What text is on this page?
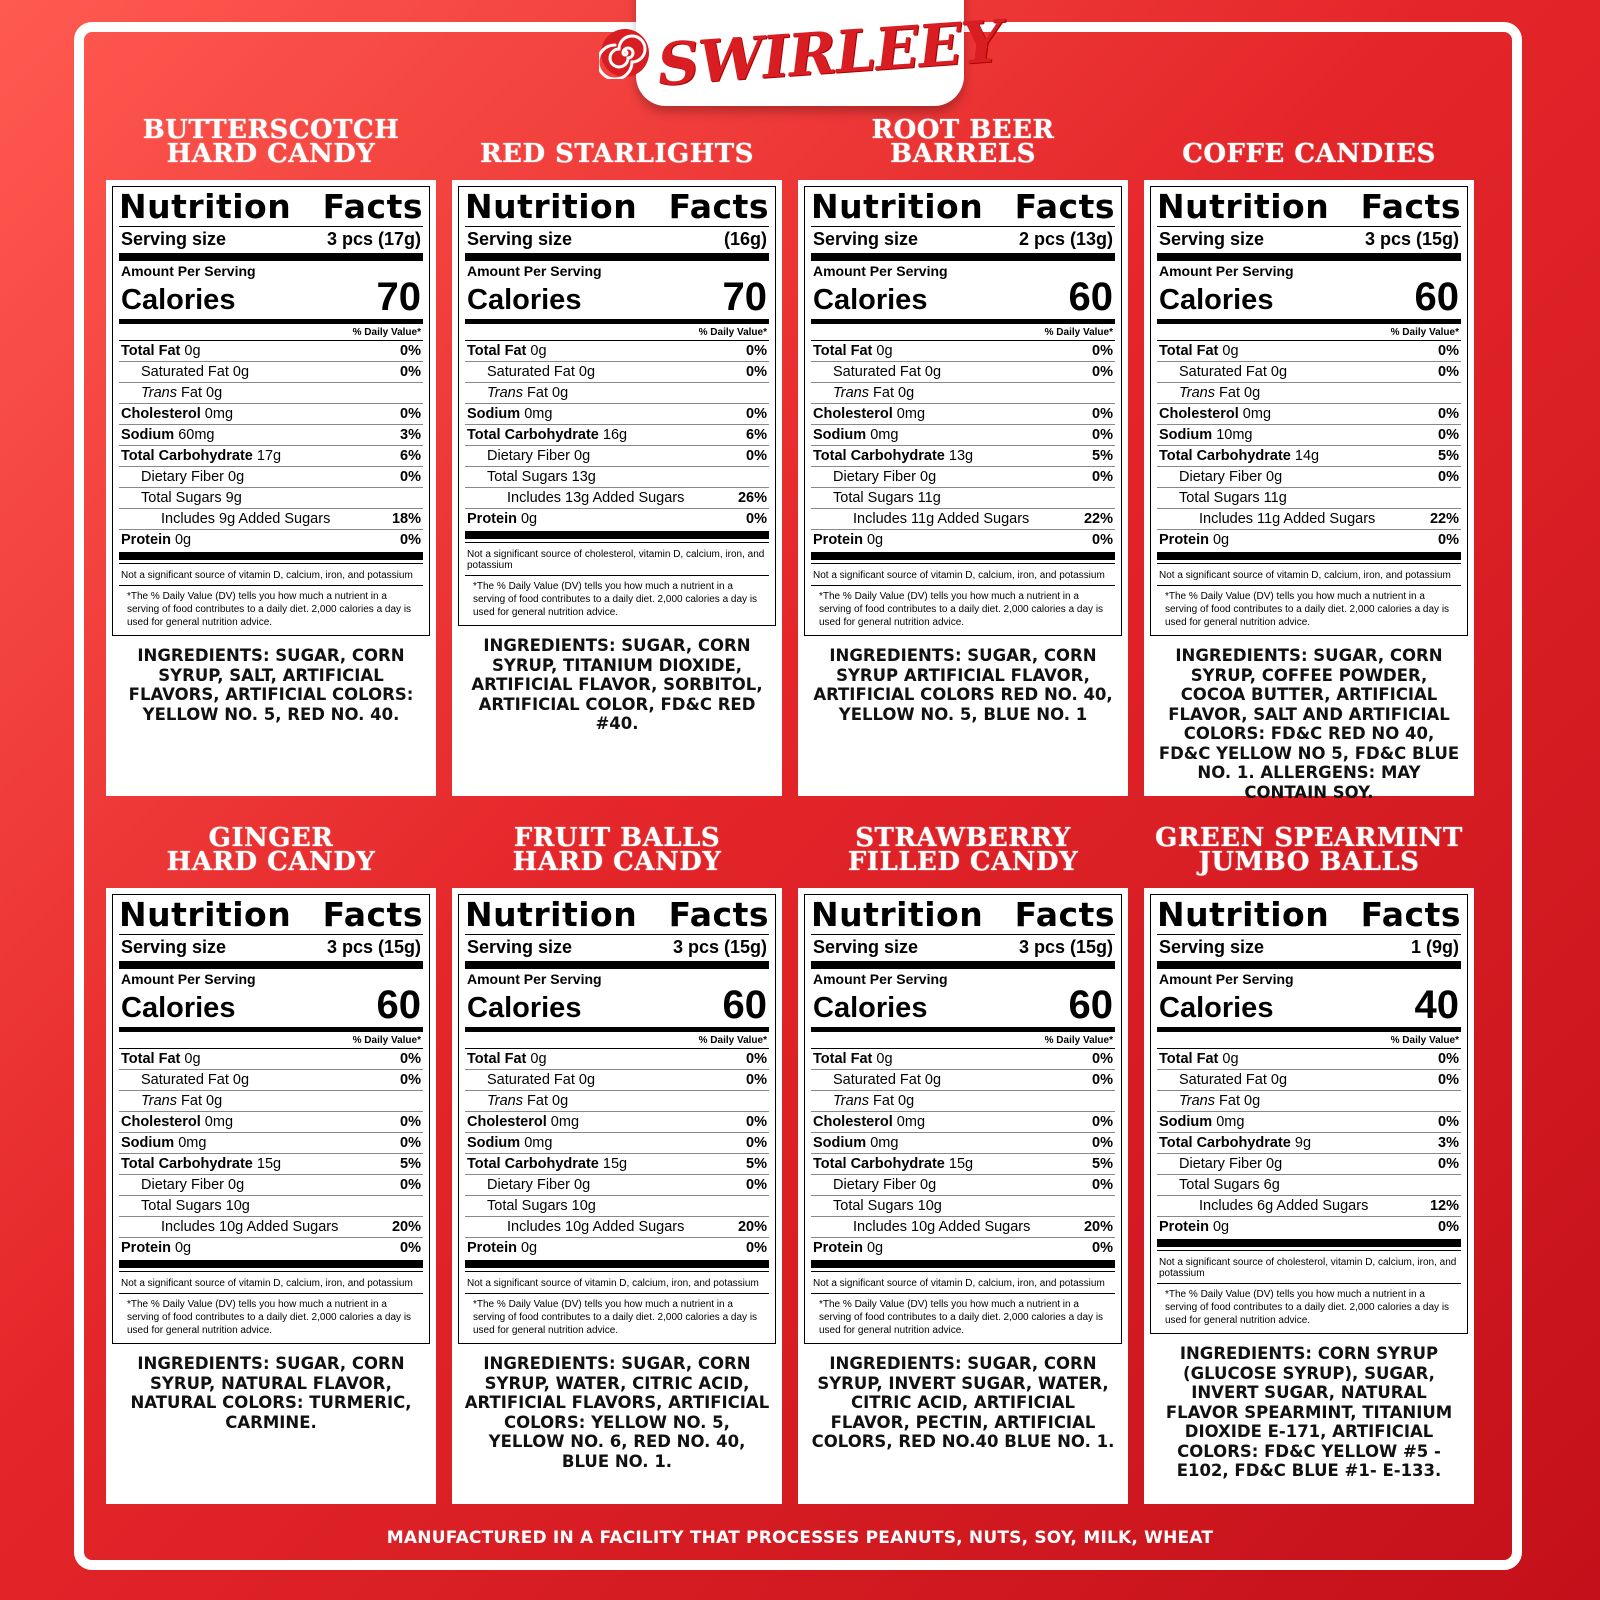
SWIRLEEY
MANUFACTURED IN A FACILITY THAT PROCESSES PEANUTS, NUTS, SOY, MILK, WHEAT
BUTTERSCOTCH
HARD CANDY
Nutrition Facts
Serving size	3 pcs (17g)
Amount Per Serving
Calories	70
% Daily Value*
Total Fat 0g	0%
Saturated Fat 0g	0%
Trans Fat 0g
Cholesterol 0mg	0%
Sodium 60mg	3%
Total Carbohydrate 17g	6%
Dietary Fiber 0g	0%
Total Sugars 9g
Includes 9g Added Sugars	18%
Protein 0g	0%
Not a significant source of vitamin D, calcium, iron, and potassium
*The % Daily Value (DV) tells you how much a nutrient in a serving of food contributes to a daily diet. 2,000 calories a day is used for general nutrition advice.
INGREDIENTS: SUGAR, CORN SYRUP, SALT, ARTIFICIAL FLAVORS, ARTIFICIAL COLORS: YELLOW NO. 5, RED NO. 40.
RED STARLIGHTS
Nutrition Facts
Serving size	(16g)
Amount Per Serving
Calories	70
% Daily Value*
Total Fat 0g	0%
Saturated Fat 0g	0%
Trans Fat 0g
Sodium 0mg	0%
Total Carbohydrate 16g	6%
Dietary Fiber 0g	0%
Total Sugars 13g
Includes 13g Added Sugars	26%
Protein 0g	0%
Not a significant source of cholesterol, vitamin D, calcium, iron, and potassium
*The % Daily Value (DV) tells you how much a nutrient in a serving of food contributes to a daily diet. 2,000 calories a day is used for general nutrition advice.
INGREDIENTS: SUGAR, CORN SYRUP, TITANIUM DIOXIDE, ARTIFICIAL FLAVOR, SORBITOL, ARTIFICIAL COLOR, FD&C RED #40.
ROOT BEER
BARRELS
Nutrition Facts
Serving size	2 pcs (13g)
Amount Per Serving
Calories	60
% Daily Value*
Total Fat 0g	0%
Saturated Fat 0g	0%
Trans Fat 0g
Cholesterol 0mg	0%
Sodium 0mg	0%
Total Carbohydrate 13g	5%
Dietary Fiber 0g	0%
Total Sugars 11g
Includes 11g Added Sugars	22%
Protein 0g	0%
Not a significant source of vitamin D, calcium, iron, and potassium
*The % Daily Value (DV) tells you how much a nutrient in a serving of food contributes to a daily diet. 2,000 calories a day is used for general nutrition advice.
INGREDIENTS: SUGAR, CORN SYRUP ARTIFICIAL FLAVOR, ARTIFICIAL COLORS RED NO. 40, YELLOW NO. 5, BLUE NO. 1
COFFE CANDIES
Nutrition Facts
Serving size	3 pcs (15g)
Amount Per Serving
Calories	60
% Daily Value*
Total Fat 0g	0%
Saturated Fat 0g	0%
Trans Fat 0g
Cholesterol 0mg	0%
Sodium 10mg	0%
Total Carbohydrate 14g	5%
Dietary Fiber 0g	0%
Total Sugars 11g
Includes 11g Added Sugars	22%
Protein 0g	0%
Not a significant source of vitamin D, calcium, iron, and potassium
*The % Daily Value (DV) tells you how much a nutrient in a serving of food contributes to a daily diet. 2,000 calories a day is used for general nutrition advice.
INGREDIENTS: SUGAR, CORN SYRUP, COFFEE POWDER, COCOA BUTTER, ARTIFICIAL FLAVOR, SALT AND ARTIFICIAL COLORS: FD&C RED NO 40, FD&C YELLOW NO 5, FD&C BLUE NO. 1. ALLERGENS: MAY CONTAIN SOY.
GINGER
HARD CANDY
Nutrition Facts
Serving size	3 pcs (15g)
Amount Per Serving
Calories	60
% Daily Value*
Total Fat 0g	0%
Saturated Fat 0g	0%
Trans Fat 0g
Cholesterol 0mg	0%
Sodium 0mg	0%
Total Carbohydrate 15g	5%
Dietary Fiber 0g	0%
Total Sugars 10g
Includes 10g Added Sugars	20%
Protein 0g	0%
Not a significant source of vitamin D, calcium, iron, and potassium
*The % Daily Value (DV) tells you how much a nutrient in a serving of food contributes to a daily diet. 2,000 calories a day is used for general nutrition advice.
INGREDIENTS: SUGAR, CORN SYRUP, NATURAL FLAVOR, NATURAL COLORS: TURMERIC, CARMINE.
FRUIT BALLS
HARD CANDY
Nutrition Facts
Serving size	3 pcs (15g)
Amount Per Serving
Calories	60
% Daily Value*
Total Fat 0g	0%
Saturated Fat 0g	0%
Trans Fat 0g
Cholesterol 0mg	0%
Sodium 0mg	0%
Total Carbohydrate 15g	5%
Dietary Fiber 0g	0%
Total Sugars 10g
Includes 10g Added Sugars	20%
Protein 0g	0%
Not a significant source of vitamin D, calcium, iron, and potassium
*The % Daily Value (DV) tells you how much a nutrient in a serving of food contributes to a daily diet. 2,000 calories a day is used for general nutrition advice.
INGREDIENTS: SUGAR, CORN SYRUP, WATER, CITRIC ACID, ARTIFICIAL FLAVORS, ARTIFICIAL COLORS: YELLOW NO. 5, YELLOW NO. 6, RED NO. 40, BLUE NO. 1.
STRAWBERRY
FILLED CANDY
Nutrition Facts
Serving size	3 pcs (15g)
Amount Per Serving
Calories	60
% Daily Value*
Total Fat 0g	0%
Saturated Fat 0g	0%
Trans Fat 0g
Cholesterol 0mg	0%
Sodium 0mg	0%
Total Carbohydrate 15g	5%
Dietary Fiber 0g	0%
Total Sugars 10g
Includes 10g Added Sugars	20%
Protein 0g	0%
Not a significant source of vitamin D, calcium, iron, and potassium
*The % Daily Value (DV) tells you how much a nutrient in a serving of food contributes to a daily diet. 2,000 calories a day is used for general nutrition advice.
INGREDIENTS: SUGAR, CORN SYRUP, INVERT SUGAR, WATER, CITRIC ACID, ARTIFICIAL FLAVOR, PECTIN, ARTIFICIAL COLORS, RED NO.40 BLUE NO. 1.
GREEN SPEARMINT
JUMBO BALLS
Nutrition Facts
Serving size	1 (9g)
Amount Per Serving
Calories	40
% Daily Value*
Total Fat 0g	0%
Saturated Fat 0g	0%
Trans Fat 0g
Sodium 0mg	0%
Total Carbohydrate 9g	3%
Dietary Fiber 0g	0%
Total Sugars 6g
Includes 6g Added Sugars	12%
Protein 0g	0%
Not a significant source of cholesterol, vitamin D, calcium, iron, and potassium
*The % Daily Value (DV) tells you how much a nutrient in a serving of food contributes to a daily diet. 2,000 calories a day is used for general nutrition advice.
INGREDIENTS: CORN SYRUP (GLUCOSE SYRUP), SUGAR, INVERT SUGAR, NATURAL FLAVOR SPEARMINT, TITANIUM DIOXIDE E-171, ARTIFICIAL COLORS: FD&C YELLOW #5 - E102, FD&C BLUE #1- E-133.
